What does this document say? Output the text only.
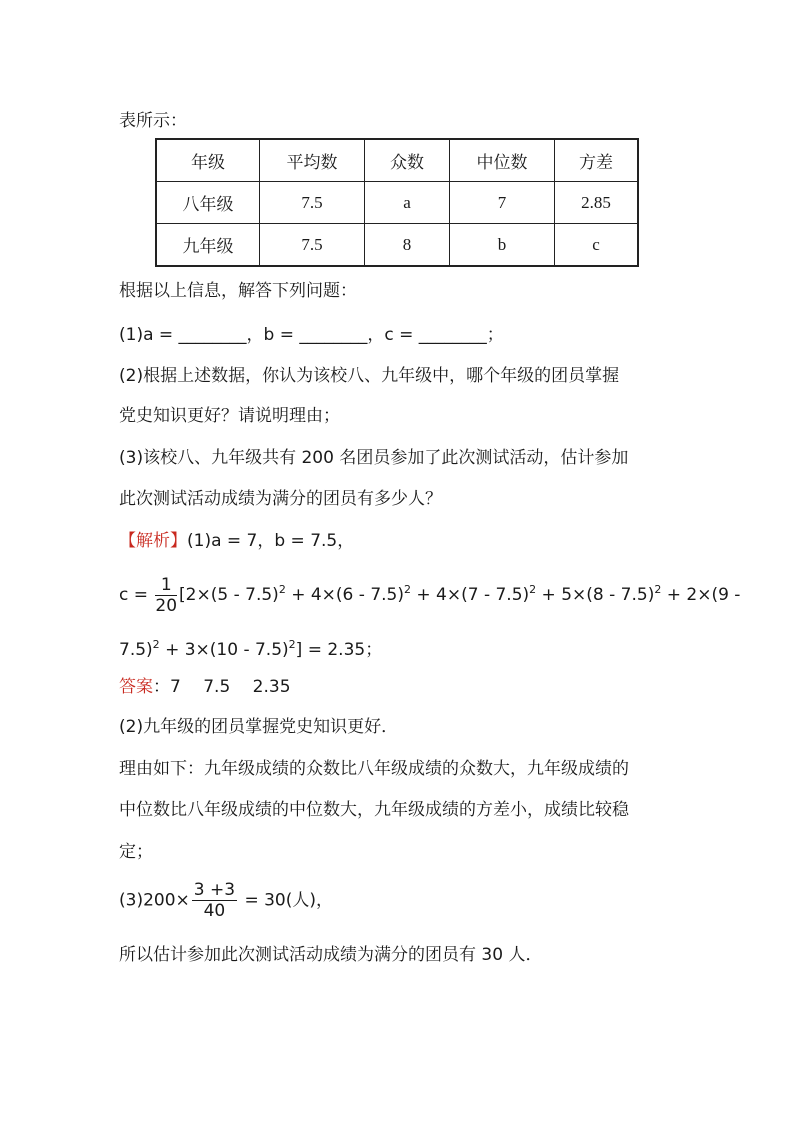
表所示：
年级	平均数	众数	中位数	方差
八年级	7.5	a	7	2.85
九年级	7.5	8	b	c
根据以上信息，解答下列问题：
(1)a = ________，b = ________，c = ________；
(2)根据上述数据，你认为该校八、九年级中，哪个年级的团员掌握
党史知识更好？请说明理由；
(3)该校八、九年级共有 200 名团员参加了此次测试活动，估计参加
此次测试活动成绩为满分的团员有多少人？
【解析】(1)a = 7，b = 7.5，
$c = \frac{1}{20} [2\times(5 - 7.5)^2 + 4\times(6 - 7.5)^2 + 4\times(7 - 7.5)^2 + 5\times(8 - 7.5)^2 + 2\times(9$ -
7.5)$^2$ + 3×(10 - 7.5)$^2$] = 2.35；
答案：7　 7.5　 2.35
(2)九年级的团员掌握党史知识更好．
理由如下：九年级成绩的众数比八年级成绩的众数大，九年级成绩的
中位数比八年级成绩的中位数大，九年级成绩的方差小，成绩比较稳
定；
$(3)200\times \frac{3 +3}{40} = 30$(人)，
所以估计参加此次测试活动成绩为满分的团员有 30 人．
